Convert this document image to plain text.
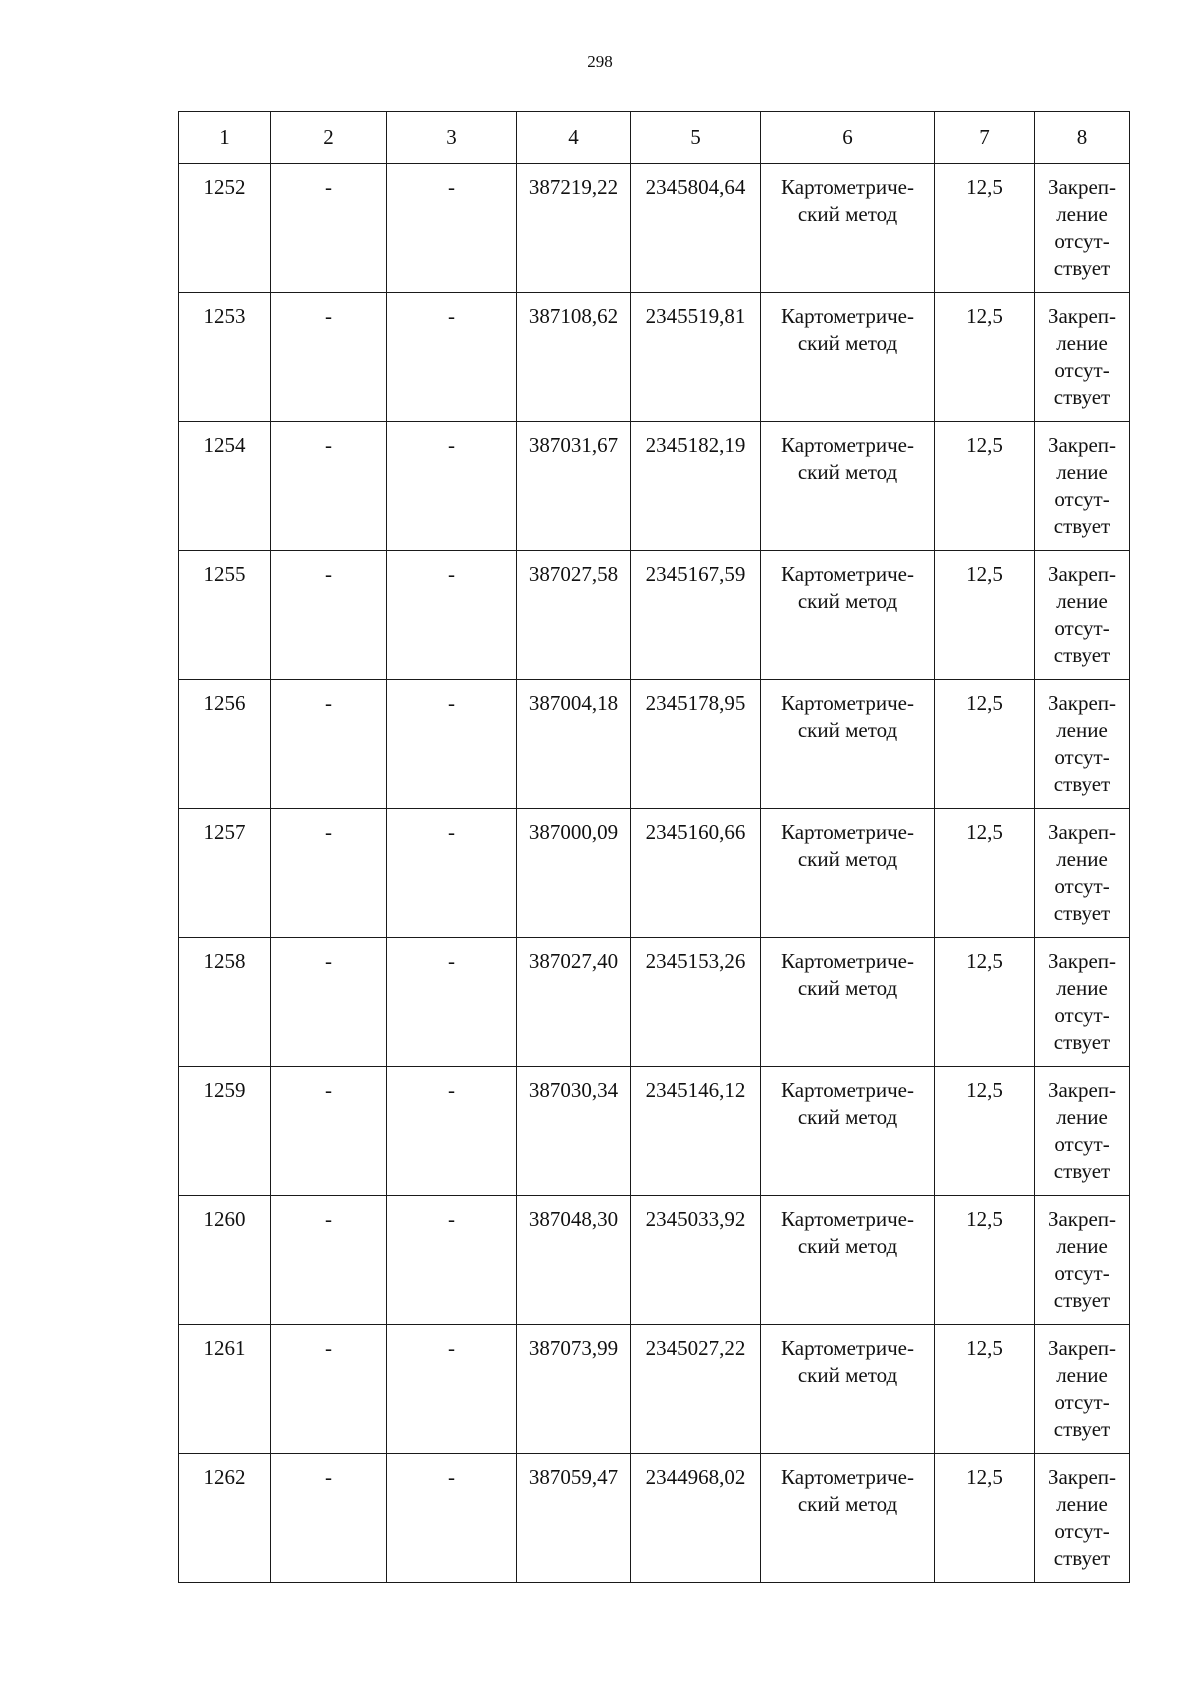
298
1	2	3	4	5	6	7	8
1252	-	-	387219,22	2345804,64	Картометриче-
ский метод	12,5	Закреп-
ление
отсут-
ствует

1253	-	-	387108,62	2345519,81	Картометриче-
ский метод	12,5	Закреп-
ление
отсут-
ствует

1254	-	-	387031,67	2345182,19	Картометриче-
ский метод	12,5	Закреп-
ление
отсут-
ствует

1255	-	-	387027,58	2345167,59	Картометриче-
ский метод	12,5	Закреп-
ление
отсут-
ствует

1256	-	-	387004,18	2345178,95	Картометриче-
ский метод	12,5	Закреп-
ление
отсут-
ствует

1257	-	-	387000,09	2345160,66	Картометриче-
ский метод	12,5	Закреп-
ление
отсут-
ствует

1258	-	-	387027,40	2345153,26	Картометриче-
ский метод	12,5	Закреп-
ление
отсут-
ствует

1259	-	-	387030,34	2345146,12	Картометриче-
ский метод	12,5	Закреп-
ление
отсут-
ствует

1260	-	-	387048,30	2345033,92	Картометриче-
ский метод	12,5	Закреп-
ление
отсут-
ствует

1261	-	-	387073,99	2345027,22	Картометриче-
ский метод	12,5	Закреп-
ление
отсут-
ствует

1262	-	-	387059,47	2344968,02	Картометриче-
ский метод	12,5	Закреп-
ление
отсут-
ствует
